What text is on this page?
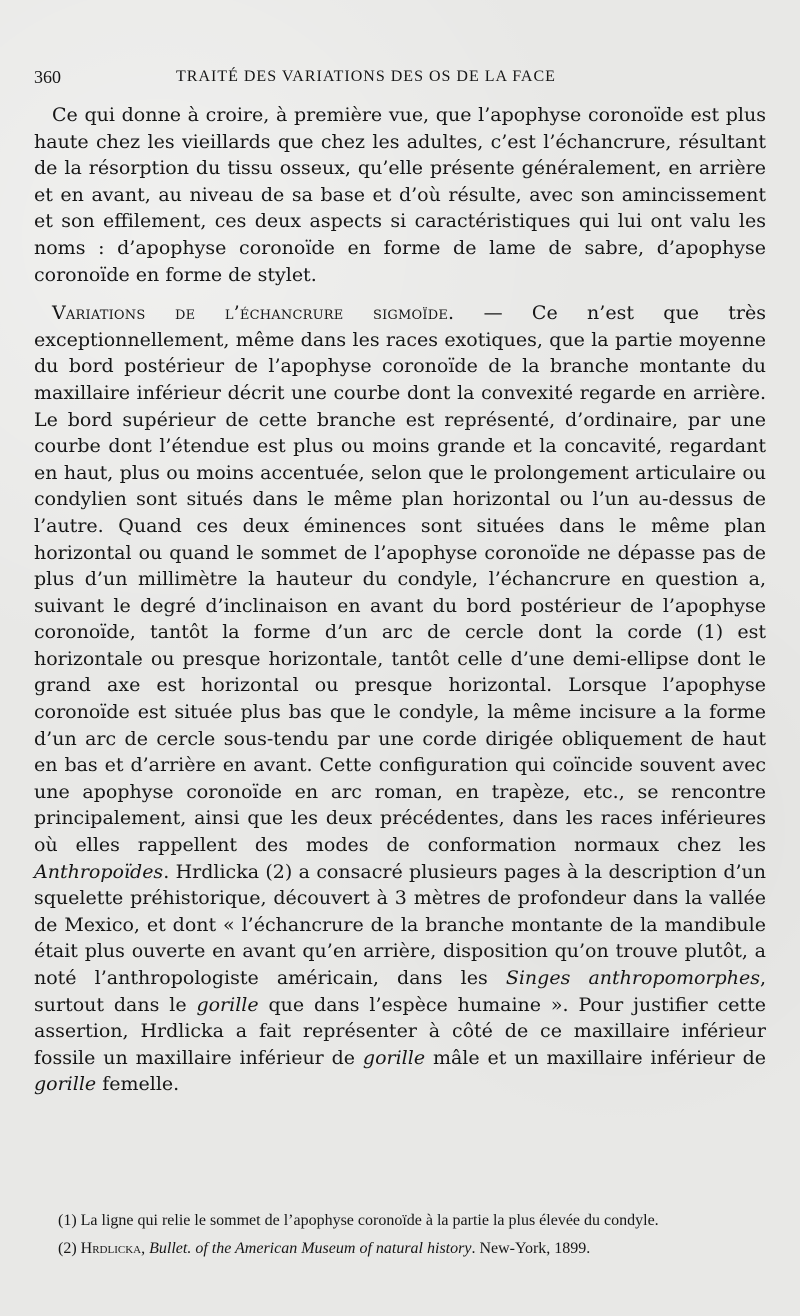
360	TRAITÉ DES VARIATIONS DES OS DE LA FACE

Ce qui donne à croire, à première vue, que l’apophyse coronoïde est plus haute chez les vieillards que chez les adultes, c’est l’échancrure, résultant de la résorption du tissu osseux, qu’elle présente généralement, en arrière et en avant, au niveau de sa base et d’où résulte, avec son amincissement et son effilement, ces deux aspects si caractéristiques qui lui ont valu les noms : d’apophyse coronoïde en forme de lame de sabre, d’apophyse coronoïde en forme de stylet.

Variations de l’échancrure sigmoïde. — Ce n’est que très exceptionnellement, même dans les races exotiques, que la partie moyenne du bord postérieur de l’apophyse coronoïde de la branche montante du maxillaire inférieur décrit une courbe dont la convexité regarde en arrière. Le bord supérieur de cette branche est représenté, d’ordinaire, par une courbe dont l’étendue est plus ou moins grande et la concavité, regardant en haut, plus ou moins accentuée, selon que le prolongement articulaire ou condylien sont situés dans le même plan horizontal ou l’un au-dessus de l’autre. Quand ces deux éminences sont situées dans le même plan horizontal ou quand le sommet de l’apophyse coronoïde ne dépasse pas de plus d’un millimètre la hauteur du condyle, l’échancrure en question a, suivant le degré d’inclinaison en avant du bord postérieur de l’apophyse coronoïde, tantôt la forme d’un arc de cercle dont la corde (1) est horizontale ou presque horizontale, tantôt celle d’une demi-ellipse dont le grand axe est horizontal ou presque horizontal. Lorsque l’apophyse coronoïde est située plus bas que le condyle, la même incisure a la forme d’un arc de cercle sous-tendu par une corde dirigée obliquement de haut en bas et d’arrière en avant. Cette configuration qui coïncide souvent avec une apophyse coronoïde en arc roman, en trapèze, etc., se rencontre principalement, ainsi que les deux précédentes, dans les races inférieures où elles rappellent des modes de conformation normaux chez les Anthropoïdes. Hrdlicka (2) a consacré plusieurs pages à la description d’un squelette préhistorique, découvert à 3 mètres de profondeur dans la vallée de Mexico, et dont « l’échancrure de la branche montante de la mandibule était plus ouverte en avant qu’en arrière, disposition qu’on trouve plutôt, a noté l’anthropologiste américain, dans les Singes anthropomorphes, surtout dans le gorille que dans l’espèce humaine ». Pour justifier cette assertion, Hrdlicka a fait représenter à côté de ce maxillaire inférieur fossile un maxillaire inférieur de gorille mâle et un maxillaire inférieur de gorille femelle.

(1) La ligne qui relie le sommet de l’apophyse coronoïde à la partie la plus élevée du condyle.

(2) Hrdlicka, Bullet. of the American Museum of natural history. New-York, 1899.
